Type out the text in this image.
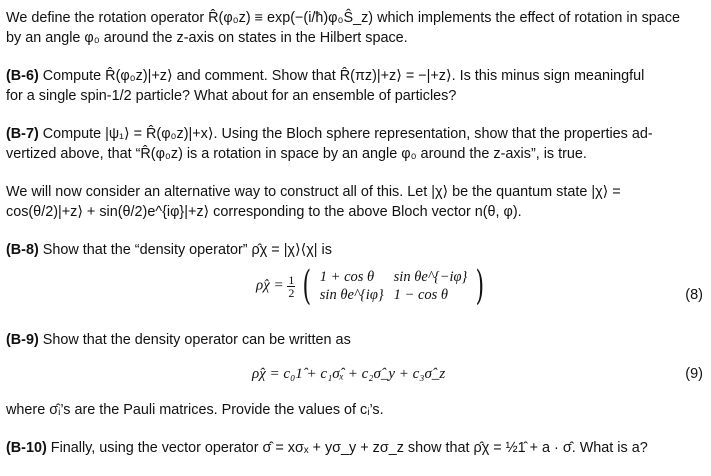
We define the rotation operator R̂(φ₀z) ≡ exp(−(i/ħ)φ₀Ŝ_z) which implements the effect of rotation in space
by an angle φ₀ around the z-axis on states in the Hilbert space.
(B-6) Compute R̂(φ₀z)|+z⟩ and comment. Show that R̂(πz)|+z⟩ = −|+z⟩. Is this minus sign meaningful
for a single spin-1/2 particle? What about for an ensemble of particles?
(B-7) Compute |ψ₁⟩ = R̂(φ₀z)|+x⟩. Using the Bloch sphere representation, show that the properties ad-
vertized above, that “R̂(φ₀z) is a rotation in space by an angle φ₀ around the z-axis”, is true.
We will now consider an alternative way to construct all of this. Let |χ⟩ be the quantum state |χ⟩ =
cos(θ/2)|+z⟩ + sin(θ/2)e^{iφ}|+z⟩ corresponding to the above Bloch vector n(θ, φ).
(B-8) Show that the “density operator” ρ̂χ = |χ⟩⟨χ| is
ρ̂χ = $\frac{1}{2}$ ( 1 + cos θ	sin θe^{−iφ}
sin θe^{iφ}	1 − cos θ )	(8)
(B-9) Show that the density operator can be written as
ρ̂χ = c₀1̂ + c₁σ̂ₓ + c₂σ̂_y + c₃σ̂_z	(9)
where σ̂ᵢ’s are the Pauli matrices. Provide the values of cᵢ’s.
(B-10) Finally, using the vector operator σ̂ = xσₓ + yσ_y + zσ_z show that ρ̂χ = ½1̂ + a · σ̂. What is a?
